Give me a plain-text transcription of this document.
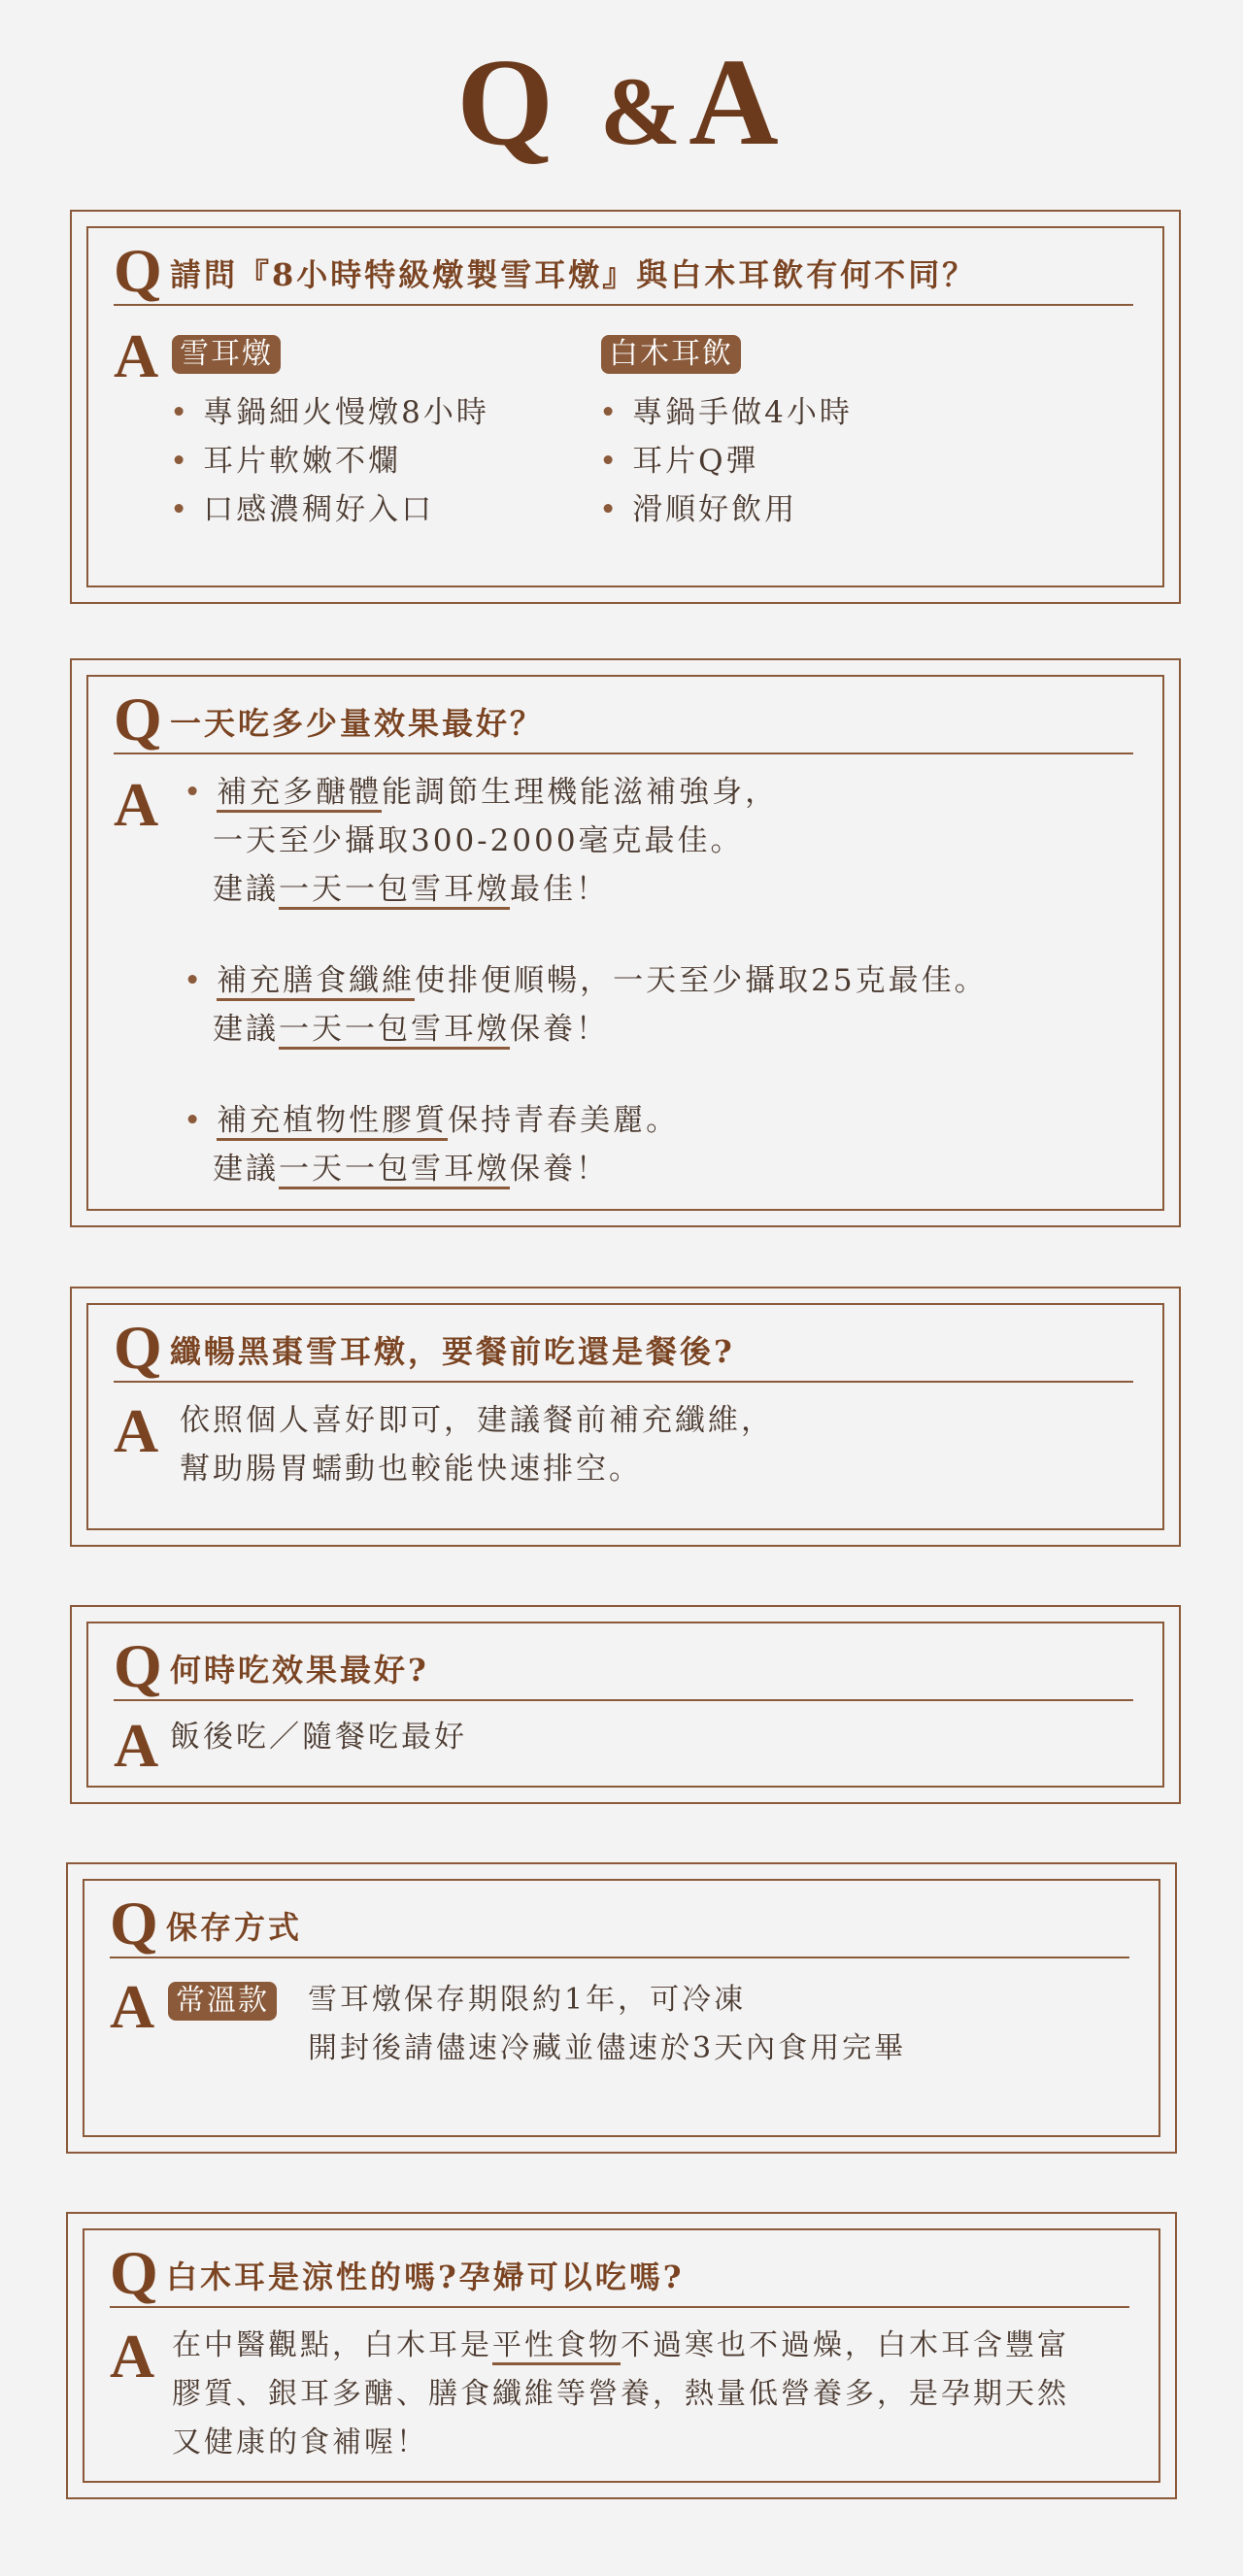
Q &A
Q 請問『8小時特級燉製雪耳燉』與白木耳飲有何不同？
A 雪耳燉	白木耳飲
• 專鍋細火慢燉8小時
• 耳片軟嫩不爛
• 口感濃稠好入口
• 專鍋手做4小時
• 耳片Q彈
• 滑順好飲用
Q 一天吃多少量效果最好？
A • 補充多醣體能調節生理機能滋補強身，
一天至少攝取300-2000毫克最佳。
建議一天一包雪耳燉最佳！
• 補充膳食纖維使排便順暢，一天至少攝取25克最佳。
建議一天一包雪耳燉保養！
• 補充植物性膠質保持青春美麗。
建議一天一包雪耳燉保養！
Q 纖暢黑棗雪耳燉，要餐前吃還是餐後?
A 依照個人喜好即可，建議餐前補充纖維，
幫助腸胃蠕動也較能快速排空。
Q 何時吃效果最好?
A 飯後吃／隨餐吃最好
Q 保存方式
A 常溫款 雪耳燉保存期限約1年，可冷凍
開封後請儘速冷藏並儘速於3天內食用完畢
Q 白木耳是涼性的嗎?孕婦可以吃嗎?
A 在中醫觀點，白木耳是平性食物不過寒也不過燥，白木耳含豐富
膠質、銀耳多醣、膳食纖維等營養，熱量低營養多，是孕期天然
又健康的食補喔！
